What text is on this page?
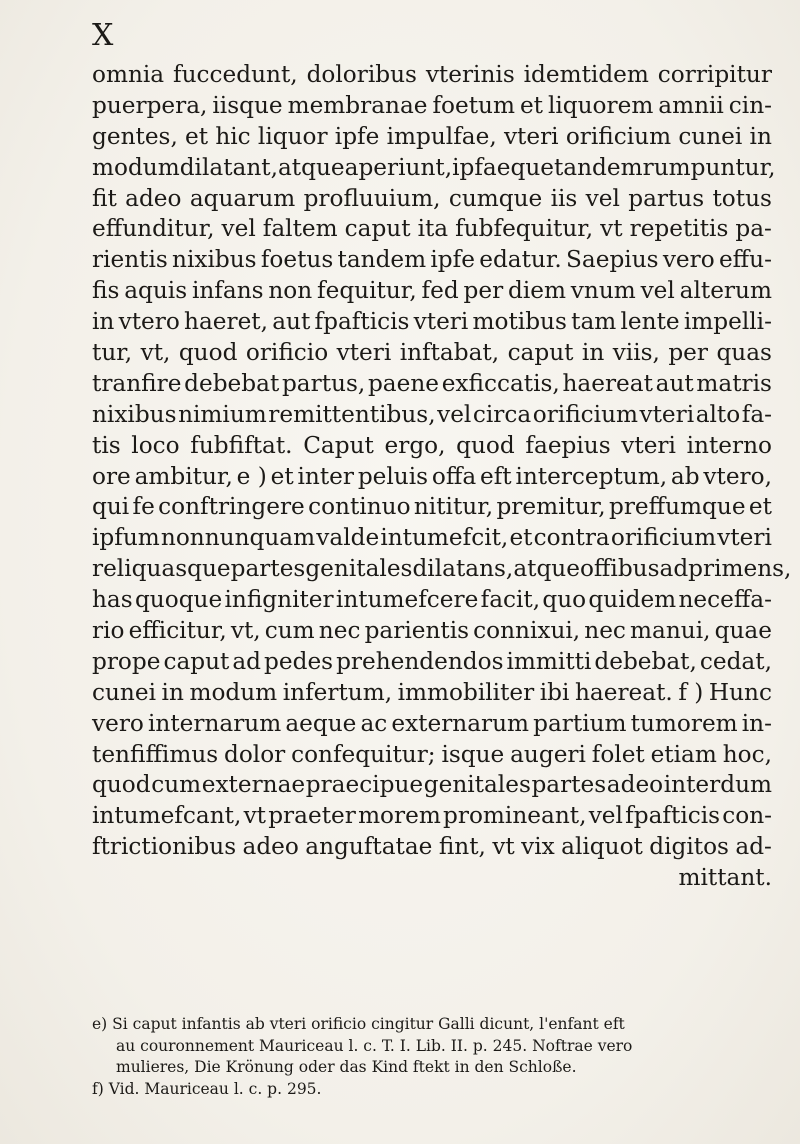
X
omnia fuccedunt, doloribus vterinis idemtidem corripitur
puerpera, iisque membranae foetum et liquorem amnii cin-
gentes, et hic liquor ipfe impulfae, vteri orificium cunei in
modum dilatant, atque aperiunt, ipfaeque tandem rumpuntur,
fit adeo aquarum profluuium, cumque iis vel partus totus
effunditur, vel faltem caput ita fubfequitur, vt repetitis pa-
rientis nixibus foetus tandem ipfe edatur. Saepius vero effu-
fis aquis infans non fequitur, fed per diem vnum vel alterum
in vtero haeret, aut fpafticis vteri motibus tam lente impelli-
tur, vt, quod orificio vteri inftabat, caput in viis, per quas
tranfire debebat partus, paene exficcatis, haereat aut matris
nixibus nimium remittentibus, vel circa orificium vteri alto fa-
tis loco fubfiftat. Caput ergo, quod faepius vteri interno
ore ambitur, e ) et inter peluis offa eft interceptum, ab vtero,
qui fe conftringere continuo nititur, premitur, preffumque et
ipfum nonnunquam valde intumefcit, et contra orificium vteri
reliquasque partes genitales dilatans, atque offibus adprimens,
has quoque infigniter intumefcere facit, quo quidem neceffa-
rio efficitur, vt, cum nec parientis connixui, nec manui, quae
prope caput ad pedes prehendendos immitti debebat, cedat,
cunei in modum infertum, immobiliter ibi haereat. f ) Hunc
vero internarum aeque ac externarum partium tumorem in-
tenfiffimus dolor confequitur; isque augeri folet etiam hoc,
quod cum externae praecipue genitales partes adeo interdum
intumefcant, vt praeter morem promineant, vel fpafticis con-
ftrictionibus adeo anguftatae fint, vt vix aliquot digitos ad-
mittant.
e) Si caput infantis ab vteri orificio cingitur Galli dicunt, l'enfant eft
au couronnement Mauriceau l. c. T. I. Lib. II. p. 245. Noftrae vero
mulieres, Die Krönung oder das Kind ftekt in den Schloße.
f) Vid. Mauriceau l. c. p. 295.
